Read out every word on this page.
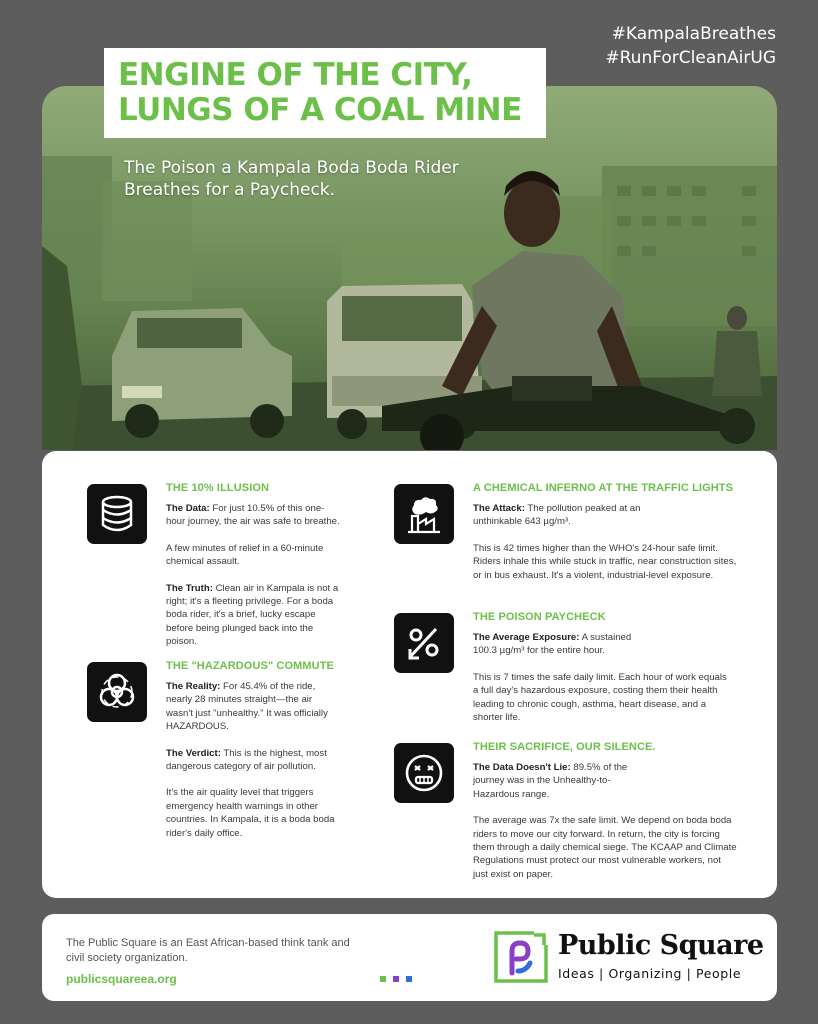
#KampalaBreathes
#RunForCleanAirUG
ENGINE OF THE CITY,
LUNGS OF A COAL MINE
The Poison a Kampala Boda Boda Rider
Breathes for a Paycheck.
THE 10% ILLUSION

The Data: For just 10.5% of this one-hour journey, the air was safe to breathe.

A few minutes of relief in a 60-minute chemical assault.

The Truth: Clean air in Kampala is not a right; it's a fleeting privilege. For a boda boda rider, it's a brief, lucky escape before being plunged back into the poison.

THE "HAZARDOUS" COMMUTE

The Reality: For 45.4% of the ride, nearly 28 minutes straight—the air wasn't just "unhealthy." It was officially HAZARDOUS.

The Verdict: This is the highest, most dangerous category of air pollution.

It's the air quality level that triggers emergency health warnings in other countries. In Kampala, it is a boda boda rider's daily office.

A CHEMICAL INFERNO AT THE TRAFFIC LIGHTS

The Attack: The pollution peaked at an unthinkable 643 µg/m³.

This is 42 times higher than the WHO's 24-hour safe limit. Riders inhale this while stuck in traffic, near construction sites, or in bus exhaust. It's a violent, industrial-level exposure.

THE POISON PAYCHECK

The Average Exposure: A sustained 100.3 µg/m³ for the entire hour.

This is 7 times the safe daily limit. Each hour of work equals a full day's hazardous exposure, costing them their health leading to chronic cough, asthma, heart disease, and a shorter life.

THEIR SACRIFICE, OUR SILENCE.

The Data Doesn't Lie: 89.5% of the journey was in the Unhealthy-to-Hazardous range.

The average was 7x the safe limit. We depend on boda boda riders to move our city forward. In return, the city is forcing them through a daily chemical siege. The KCAAP and Climate Regulations must protect our most vulnerable workers, not just exist on paper.

The Public Square is an East African-based think tank and civil society organization.
publicsquareea.org
Public Square
Ideas | Organizing | People
